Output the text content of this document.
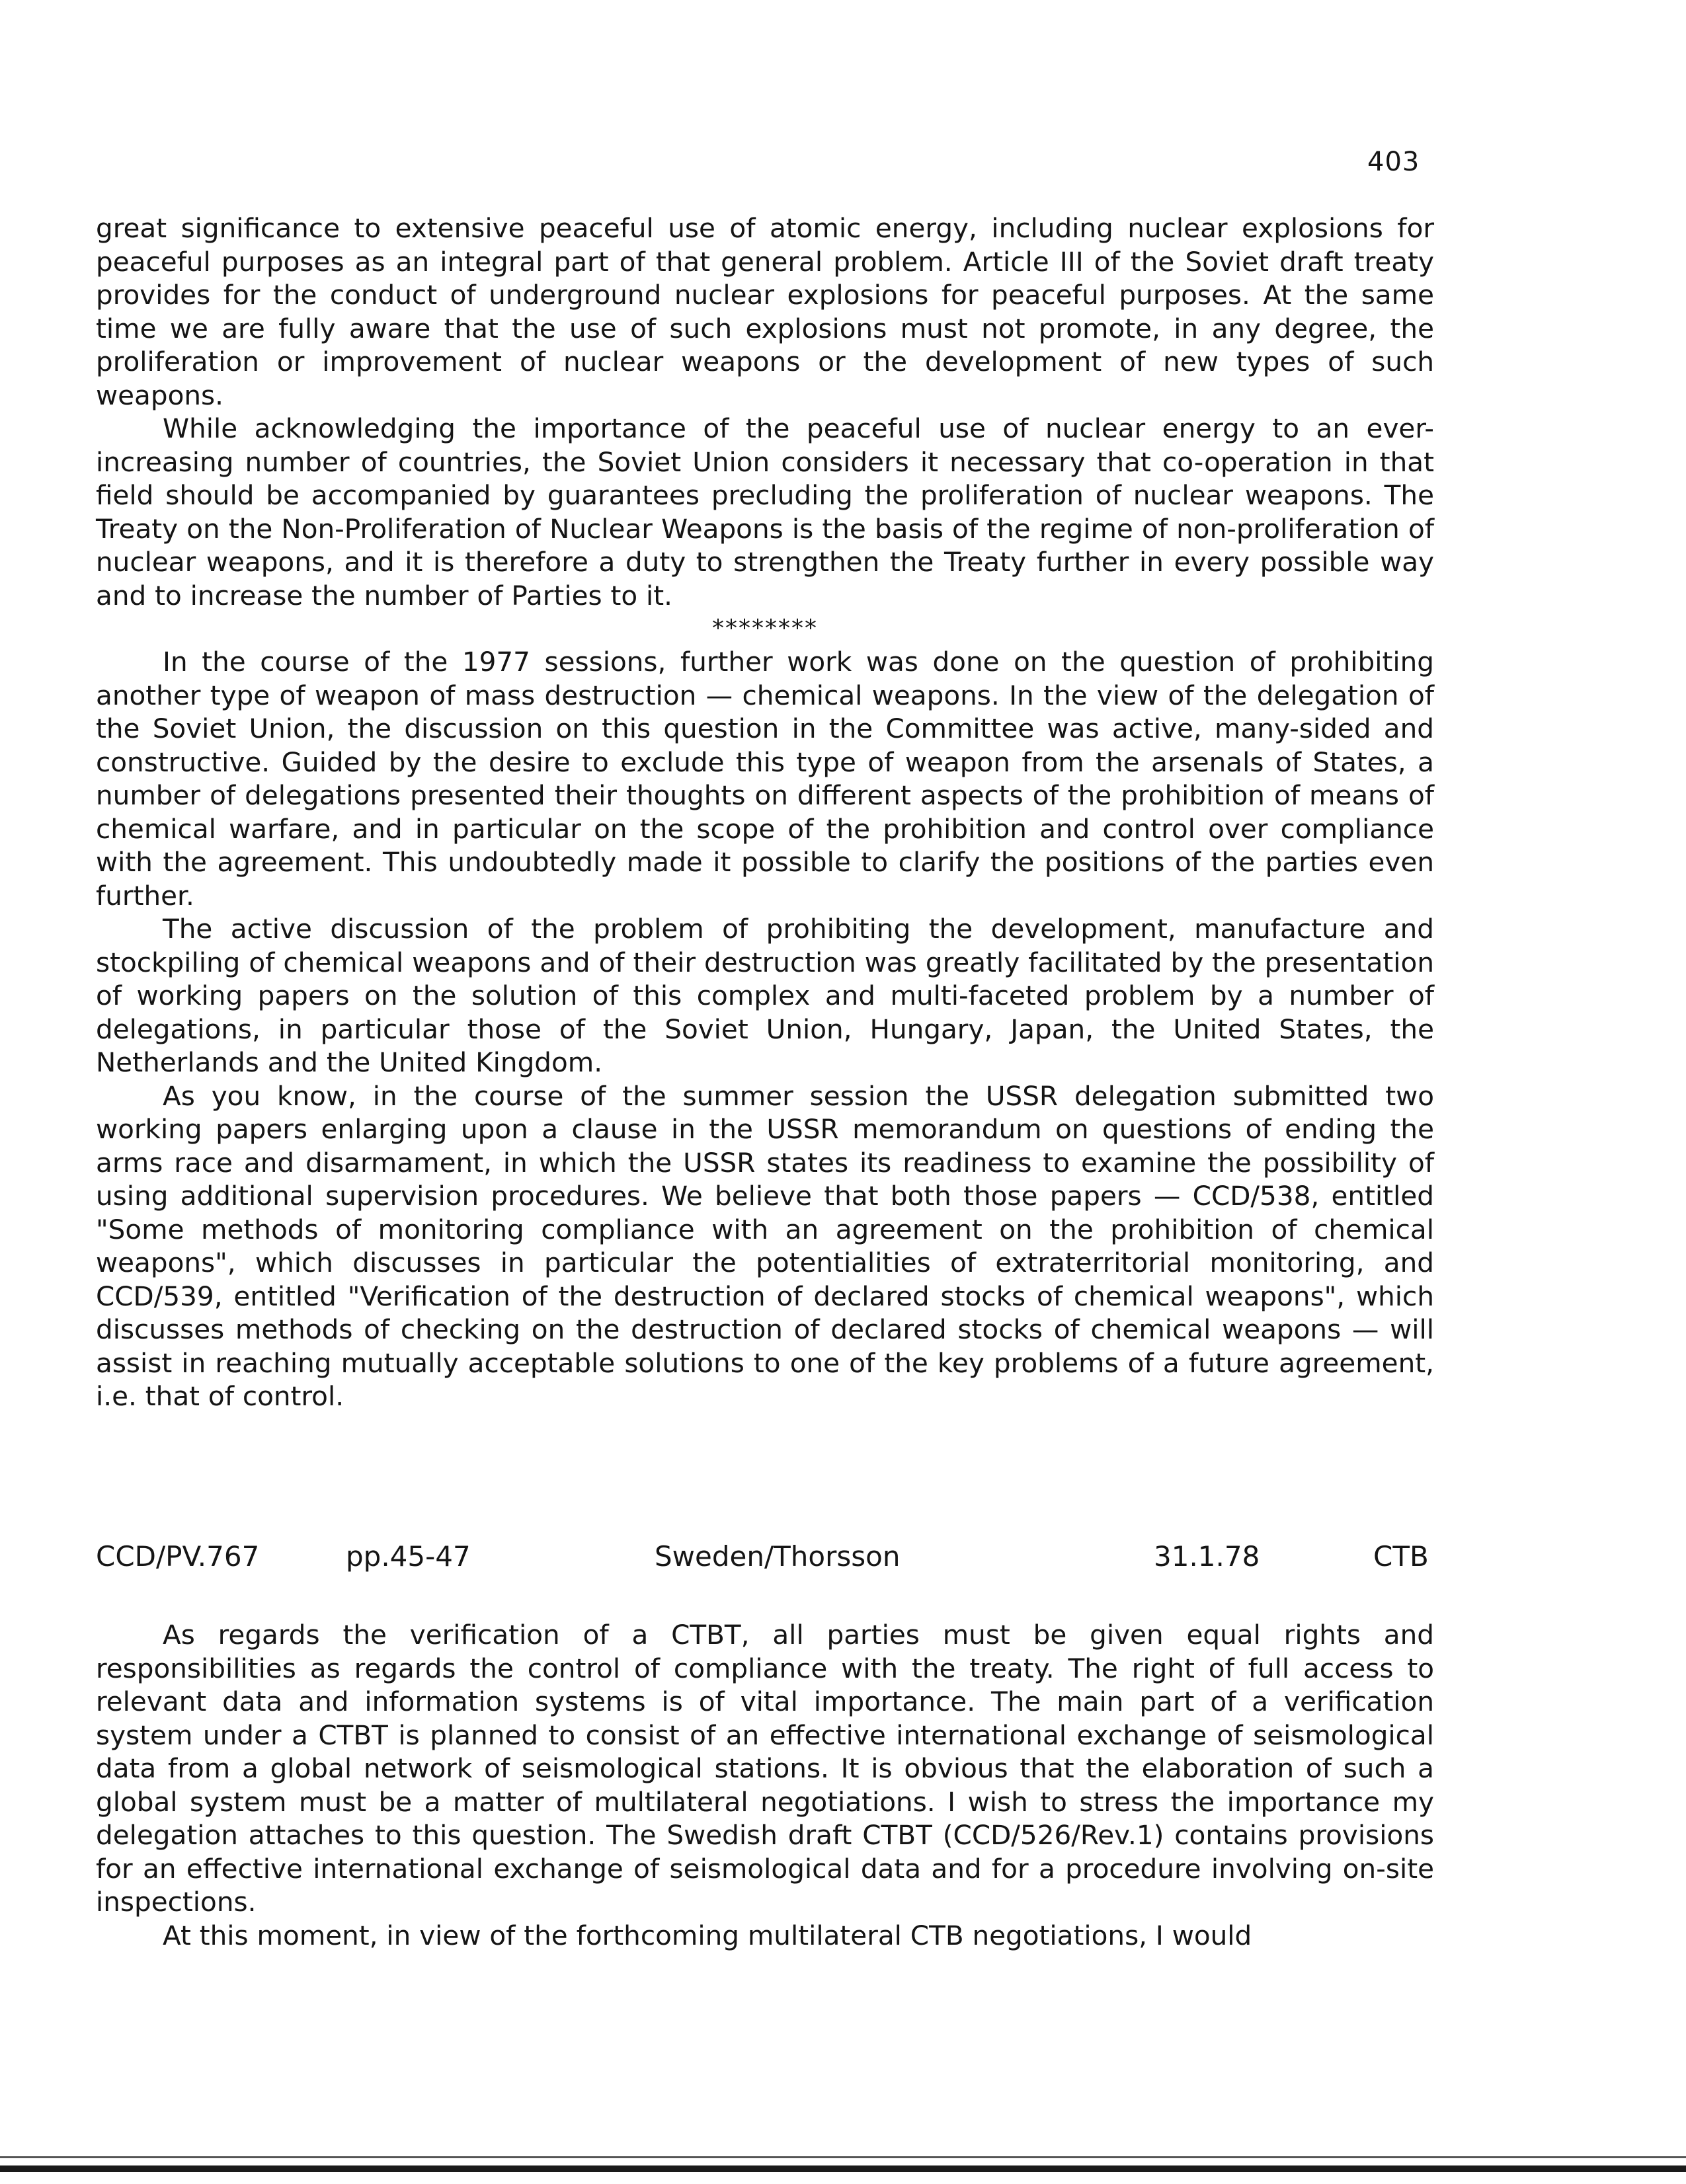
403

great significance to extensive peaceful use of atomic energy, including nuclear explosions for peaceful purposes as an integral part of that general problem. Article III of the Soviet draft treaty provides for the conduct of underground nuclear explosions for peaceful purposes. At the same time we are fully aware that the use of such explosions must not promote, in any degree, the proliferation or improvement of nuclear weapons or the development of new types of such weapons.

While acknowledging the importance of the peaceful use of nuclear energy to an ever-increasing number of countries, the Soviet Union considers it necessary that co-operation in that field should be accompanied by guarantees precluding the proliferation of nuclear weapons. The Treaty on the Non-Proliferation of Nuclear Weapons is the basis of the regime of non-proliferation of nuclear weapons, and it is therefore a duty to strengthen the Treaty further in every possible way and to increase the number of Parties to it.

********

In the course of the 1977 sessions, further work was done on the question of prohibiting another type of weapon of mass destruction — chemical weapons. In the view of the delegation of the Soviet Union, the discussion on this question in the Committee was active, many-sided and constructive. Guided by the desire to exclude this type of weapon from the arsenals of States, a number of delegations presented their thoughts on different aspects of the prohibition of means of chemical warfare, and in particular on the scope of the prohibition and control over compliance with the agreement. This undoubtedly made it possible to clarify the positions of the parties even further.

The active discussion of the problem of prohibiting the development, manufacture and stockpiling of chemical weapons and of their destruction was greatly facilitated by the presentation of working papers on the solution of this complex and multi-faceted problem by a number of delegations, in particular those of the Soviet Union, Hungary, Japan, the United States, the Netherlands and the United Kingdom.

As you know, in the course of the summer session the USSR delegation submitted two working papers enlarging upon a clause in the USSR memorandum on questions of ending the arms race and disarmament, in which the USSR states its readiness to examine the possibility of using additional supervision procedures. We believe that both those papers — CCD/538, entitled "Some methods of monitoring compliance with an agreement on the prohibition of chemical weapons", which discusses in particular the potentialities of extraterritorial monitoring, and CCD/539, entitled "Verification of the destruction of declared stocks of chemical weapons", which discusses methods of checking on the destruction of declared stocks of chemical weapons — will assist in reaching mutually acceptable solutions to one of the key problems of a future agreement, i.e. that of control.

CCD/PV.767	pp.45-47	Sweden/Thorsson	31.1.78	CTB

As regards the verification of a CTBT, all parties must be given equal rights and responsibilities as regards the control of compliance with the treaty. The right of full access to relevant data and information systems is of vital importance. The main part of a verification system under a CTBT is planned to consist of an effective international exchange of seismological data from a global network of seismological stations. It is obvious that the elaboration of such a global system must be a matter of multilateral negotiations. I wish to stress the importance my delegation attaches to this question. The Swedish draft CTBT (CCD/526/Rev.1) contains provisions for an effective international exchange of seismological data and for a procedure involving on-site inspections.

At this moment, in view of the forthcoming multilateral CTB negotiations, I would
